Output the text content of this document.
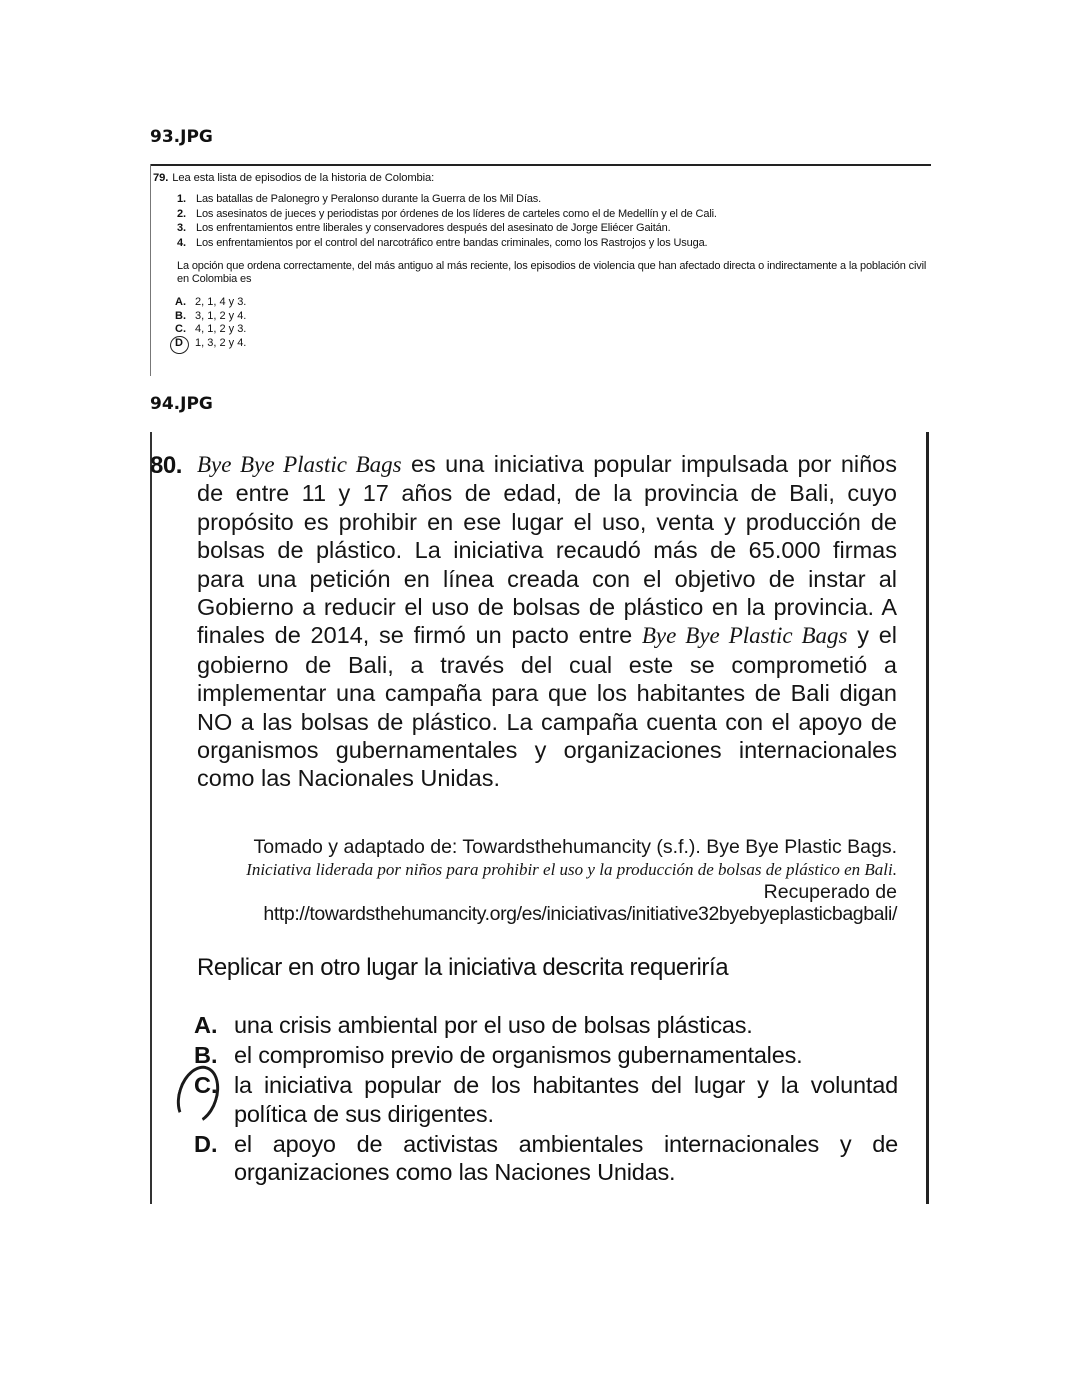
93.JPG
79. Lea esta lista de episodios de la historia de Colombia:
1. Las batallas de Palonegro y Peralonso durante la Guerra de los Mil Días.
2. Los asesinatos de jueces y periodistas por órdenes de los líderes de carteles como el de Medellín y el de Cali.
3. Los enfrentamientos entre liberales y conservadores después del asesinato de Jorge Eliécer Gaitán.
4. Los enfrentamientos por el control del narcotráfico entre bandas criminales, como los Rastrojos y los Usuga.
La opción que ordena correctamente, del más antiguo al más reciente, los episodios de violencia que han afectado directa o indirectamente a la población civil en Colombia es
A. 2, 1, 4 y 3.
B. 3, 1, 2 y 4.
C. 4, 1, 2 y 3.
D 1, 3, 2 y 4.
94.JPG
80. Bye Bye Plastic Bags es una iniciativa popular impulsada por niños de entre 11 y 17 años de edad, de la provincia de Bali, cuyo propósito es prohibir en ese lugar el uso, venta y producción de bolsas de plástico. La iniciativa recaudó más de 65.000 firmas para una petición en línea creada con el objetivo de instar al Gobierno a reducir el uso de bolsas de plástico en la provincia. A finales de 2014, se firmó un pacto entre Bye Bye Plastic Bags y el gobierno de Bali, a través del cual este se comprometió a implementar una campaña para que los habitantes de Bali digan NO a las bolsas de plástico. La campaña cuenta con el apoyo de organismos gubernamentales y organizaciones internacionales como las Nacionales Unidas.
Tomado y adaptado de: Towardsthehumancity (s.f.). Bye Bye Plastic Bags. Iniciativa liderada por niños para prohibir el uso y la producción de bolsas de plástico en Bali. Recuperado de
http://towardsthehumancity.org/es/iniciativas/initiative32byebyeplasticbagbali/
Replicar en otro lugar la iniciativa descrita requeriría
A. una crisis ambiental por el uso de bolsas plásticas.
B. el compromiso previo de organismos gubernamentales.
C. la iniciativa popular de los habitantes del lugar y la voluntad política de sus dirigentes.
D. el apoyo de activistas ambientales internacionales y de organizaciones como las Naciones Unidas.
